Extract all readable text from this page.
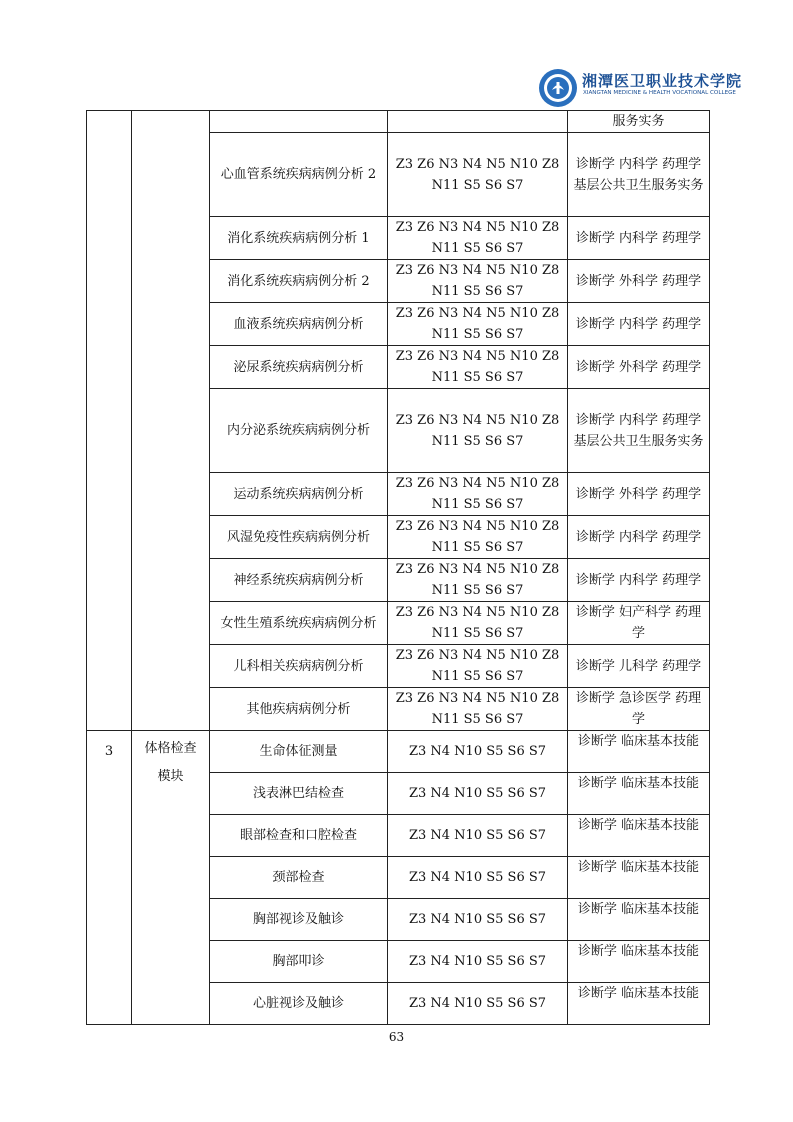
湘潭医卫职业技术学院
XIANGTAN MEDICINE & HEALTH VOCATIONAL COLLEGE
				服务实务
		心血管系统疾病病例分析 2	Z3 Z6 N3 N4 N5 N10 Z8 N11 S5 S6 S7	诊断学 内科学 药理学 基层公共卫生服务实务
		消化系统疾病病例分析 1	Z3 Z6 N3 N4 N5 N10 Z8 N11 S5 S6 S7	诊断学 内科学 药理学
		消化系统疾病病例分析 2	Z3 Z6 N3 N4 N5 N10 Z8 N11 S5 S6 S7	诊断学 外科学 药理学
		血液系统疾病病例分析	Z3 Z6 N3 N4 N5 N10 Z8 N11 S5 S6 S7	诊断学 内科学 药理学
		泌尿系统疾病病例分析	Z3 Z6 N3 N4 N5 N10 Z8 N11 S5 S6 S7	诊断学 外科学 药理学
		内分泌系统疾病病例分析	Z3 Z6 N3 N4 N5 N10 Z8 N11 S5 S6 S7	诊断学 内科学 药理学 基层公共卫生服务实务
		运动系统疾病病例分析	Z3 Z6 N3 N4 N5 N10 Z8 N11 S5 S6 S7	诊断学 外科学 药理学
		风湿免疫性疾病病例分析	Z3 Z6 N3 N4 N5 N10 Z8 N11 S5 S6 S7	诊断学 内科学 药理学
		神经系统疾病病例分析	Z3 Z6 N3 N4 N5 N10 Z8 N11 S5 S6 S7	诊断学 内科学 药理学
		女性生殖系统疾病病例分析	Z3 Z6 N3 N4 N5 N10 Z8 N11 S5 S6 S7	诊断学 妇产科学 药理学
		儿科相关疾病病例分析	Z3 Z6 N3 N4 N5 N10 Z8 N11 S5 S6 S7	诊断学 儿科学 药理学
		其他疾病病例分析	Z3 Z6 N3 N4 N5 N10 Z8 N11 S5 S6 S7	诊断学 急诊医学 药理学
3	体格检查模块	生命体征测量	Z3 N4 N10 S5 S6 S7	诊断学 临床基本技能
		浅表淋巴结检查	Z3 N4 N10 S5 S6 S7	诊断学 临床基本技能
		眼部检查和口腔检查	Z3 N4 N10 S5 S6 S7	诊断学 临床基本技能
		颈部检查	Z3 N4 N10 S5 S6 S7	诊断学 临床基本技能
		胸部视诊及触诊	Z3 N4 N10 S5 S6 S7	诊断学 临床基本技能
		胸部叩诊	Z3 N4 N10 S5 S6 S7	诊断学 临床基本技能
		心脏视诊及触诊	Z3 N4 N10 S5 S6 S7	诊断学 临床基本技能
63
